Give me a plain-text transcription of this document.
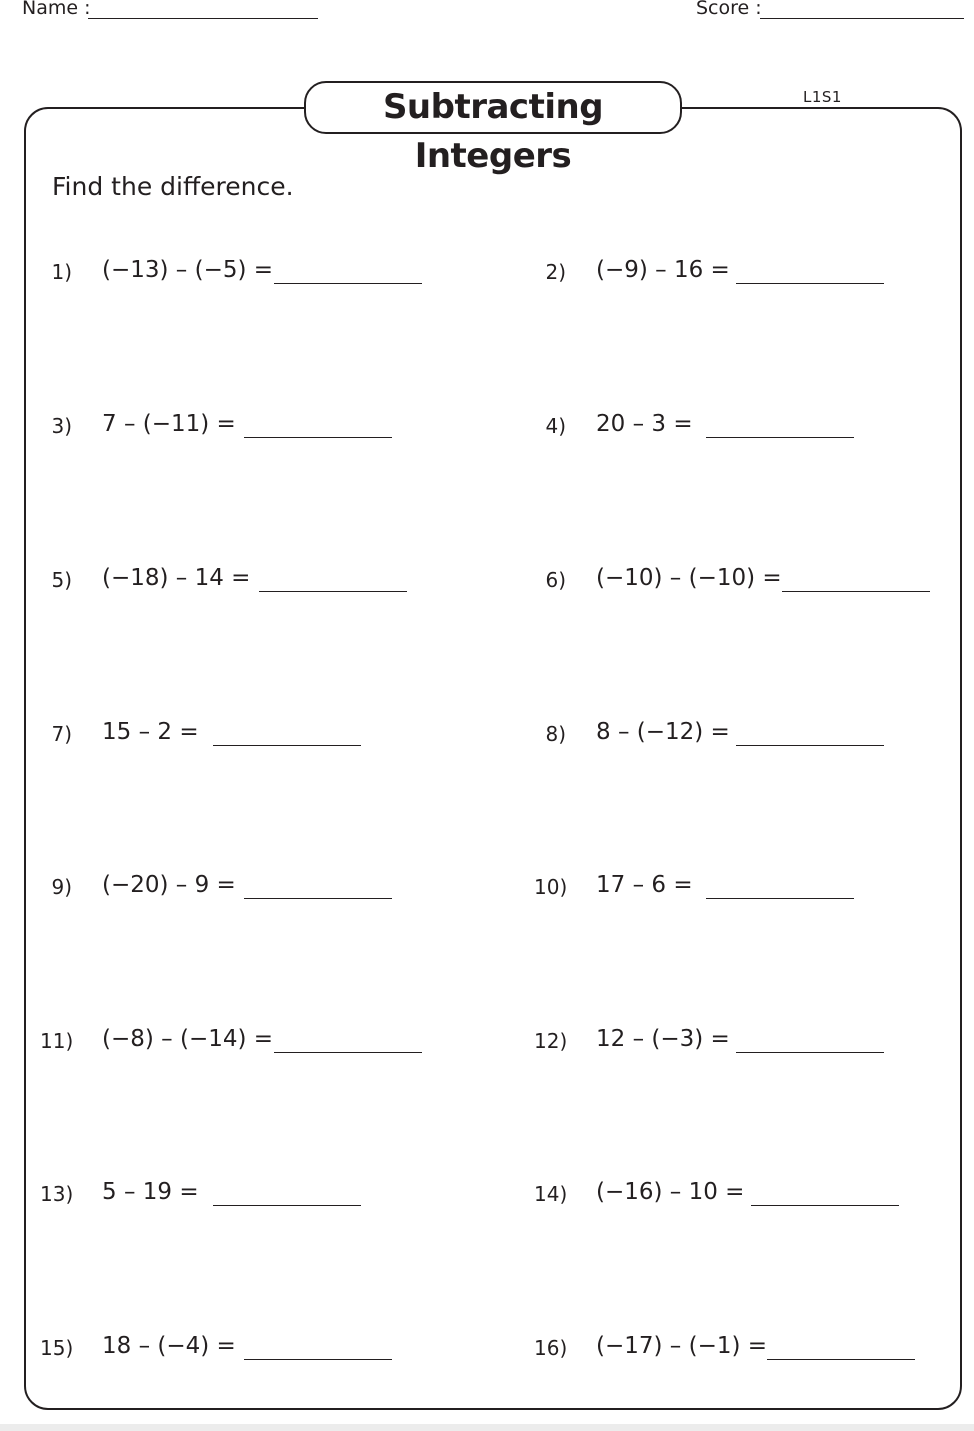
Name :	Score :
Subtracting Integers
L1S1
Find the difference.
1) (−13) – (−5) =	2) (−9) – 16 =
3) 7 – (−11) =	4) 20 – 3 =
5) (−18) – 14 =	6) (−10) – (−10) =
7) 15 – 2 =	8) 8 – (−12) =
9) (−20) – 9 =	10) 17 – 6 =
11) (−8) – (−14) =	12) 12 – (−3) =
13) 5 – 19 =	14) (−16) – 10 =
15) 18 – (−4) =	16) (−17) – (−1) =
